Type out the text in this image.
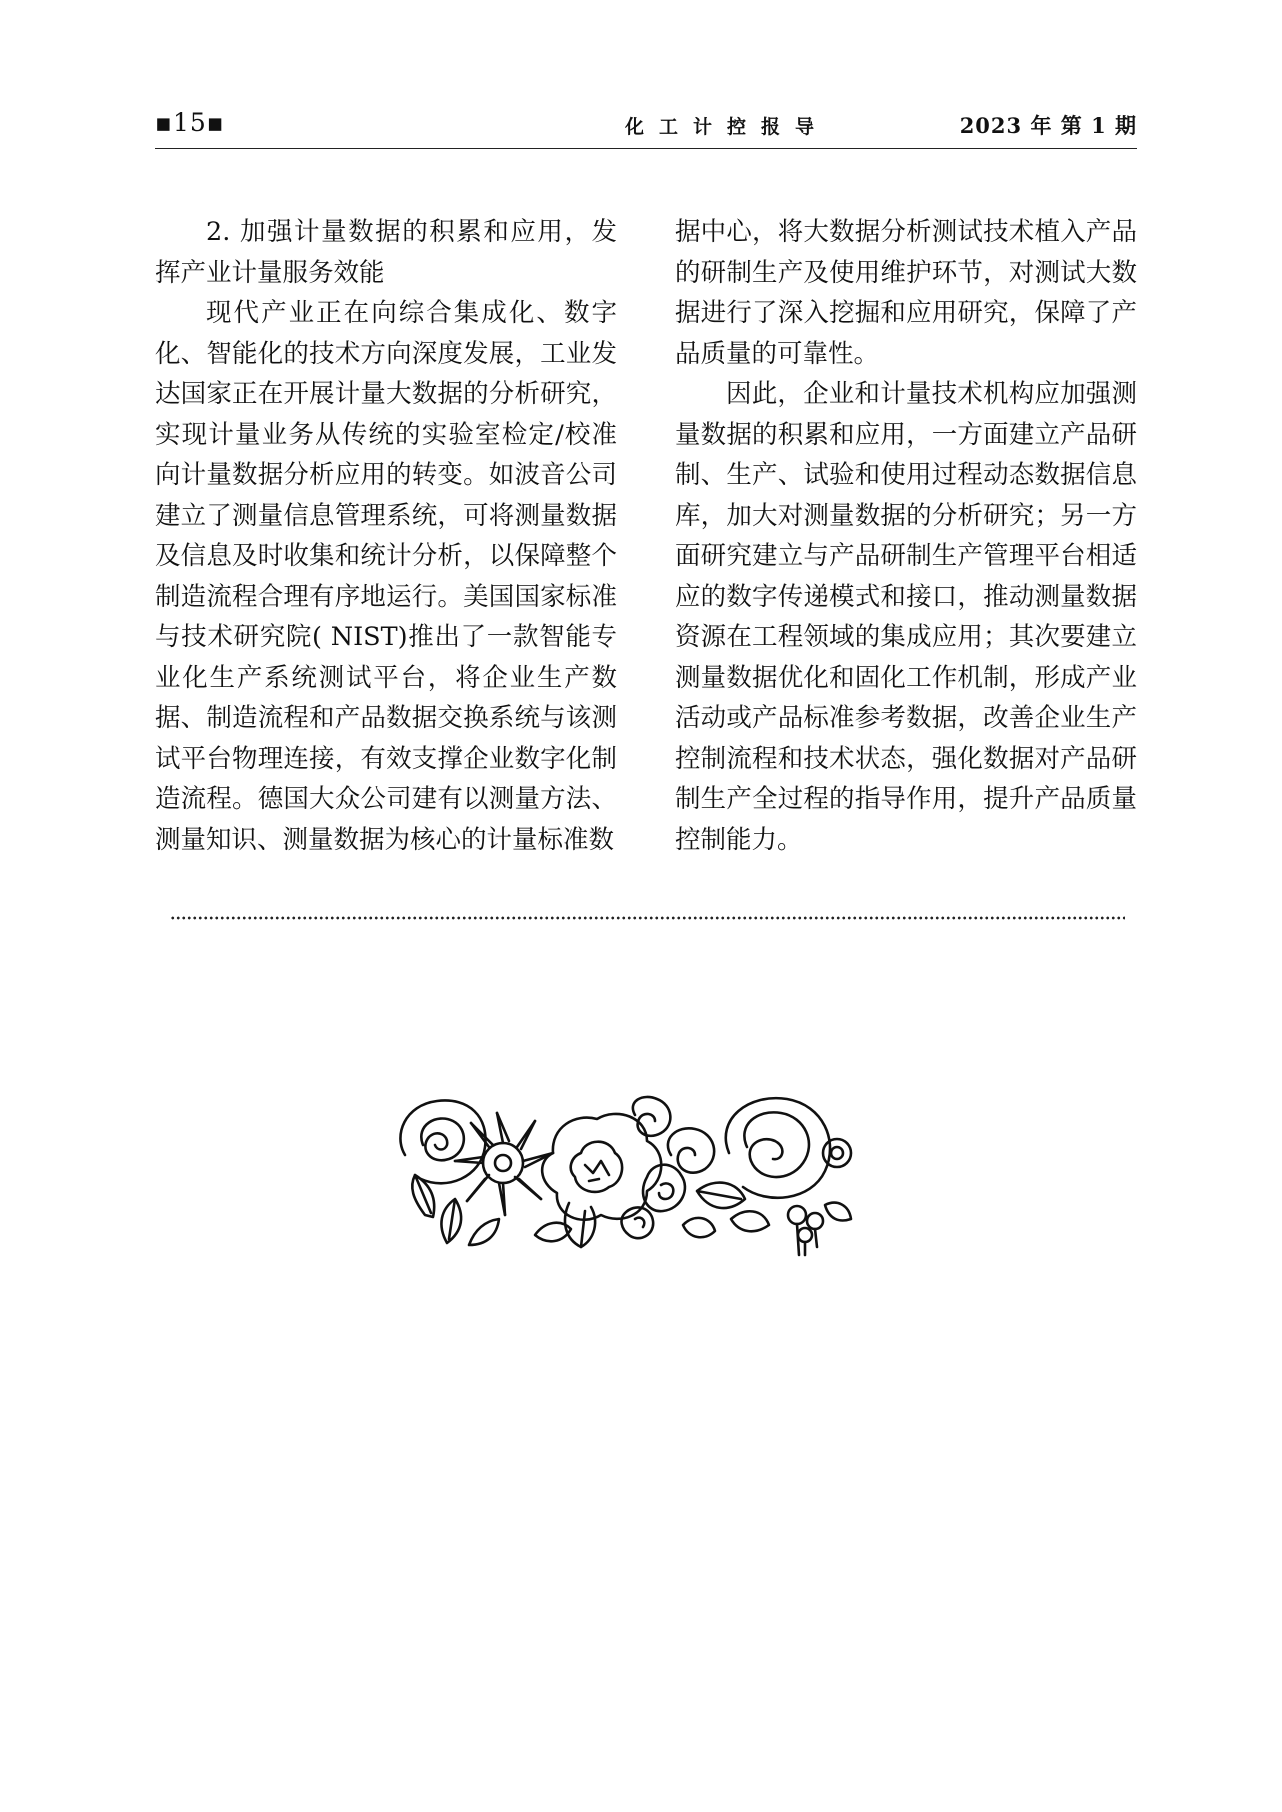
▪15▪	化工计控报导	2023 年 第 1 期

2. 加强计量数据的积累和应用，发挥产业计量服务效能

现代产业正在向综合集成化、数字化、智能化的技术方向深度发展，工业发达国家正在开展计量大数据的分析研究，实现计量业务从传统的实验室检定/校准向计量数据分析应用的转变。如波音公司建立了测量信息管理系统，可将测量数据及信息及时收集和统计分析，以保障整个制造流程合理有序地运行。美国国家标准与技术研究院( NIST)推出了一款智能专业化生产系统测试平台，将企业生产数据、制造流程和产品数据交换系统与该测试平台物理连接，有效支撑企业数字化制造流程。德国大众公司建有以测量方法、测量知识、测量数据为核心的计量标准数

据中心，将大数据分析测试技术植入产品的研制生产及使用维护环节，对测试大数据进行了深入挖掘和应用研究，保障了产品质量的可靠性。

因此，企业和计量技术机构应加强测量数据的积累和应用，一方面建立产品研制、生产、试验和使用过程动态数据信息库，加大对测量数据的分析研究；另一方面研究建立与产品研制生产管理平台相适应的数字传递模式和接口，推动测量数据资源在工程领域的集成应用；其次要建立测量数据优化和固化工作机制，形成产业活动或产品标准参考数据，改善企业生产控制流程和技术状态，强化数据对产品研制生产全过程的指导作用，提升产品质量控制能力。
